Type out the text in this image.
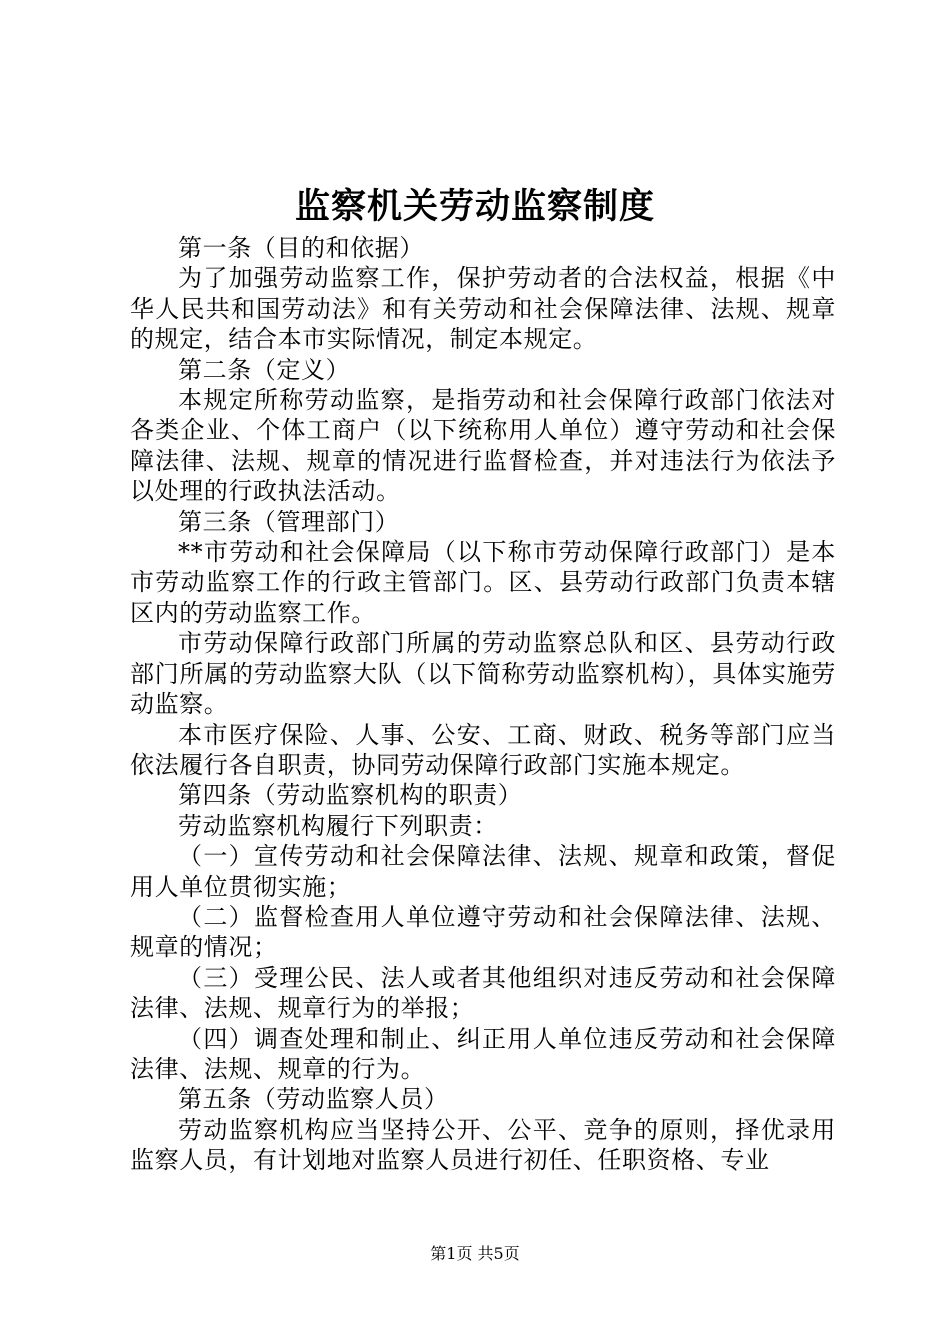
监察机关劳动监察制度

第一条（目的和依据）

为了加强劳动监察工作，保护劳动者的合法权益，根据《中华人民共和国劳动法》和有关劳动和社会保障法律、法规、规章的规定，结合本市实际情况，制定本规定。

第二条（定义）

本规定所称劳动监察，是指劳动和社会保障行政部门依法对各类企业、个体工商户（以下统称用人单位）遵守劳动和社会保障法律、法规、规章的情况进行监督检查，并对违法行为依法予以处理的行政执法活动。

第三条（管理部门）

**市劳动和社会保障局（以下称市劳动保障行政部门）是本市劳动监察工作的行政主管部门。区、县劳动行政部门负责本辖区内的劳动监察工作。

市劳动保障行政部门所属的劳动监察总队和区、县劳动行政部门所属的劳动监察大队（以下简称劳动监察机构），具体实施劳动监察。

本市医疗保险、人事、公安、工商、财政、税务等部门应当依法履行各自职责，协同劳动保障行政部门实施本规定。

第四条（劳动监察机构的职责）

劳动监察机构履行下列职责：

（一）宣传劳动和社会保障法律、法规、规章和政策，督促用人单位贯彻实施；

（二）监督检查用人单位遵守劳动和社会保障法律、法规、规章的情况；

（三）受理公民、法人或者其他组织对违反劳动和社会保障法律、法规、规章行为的举报；

（四）调查处理和制止、纠正用人单位违反劳动和社会保障法律、法规、规章的行为。

第五条（劳动监察人员）

劳动监察机构应当坚持公开、公平、竞争的原则，择优录用监察人员，有计划地对监察人员进行初任、任职资格、专业

第1页 共5页
